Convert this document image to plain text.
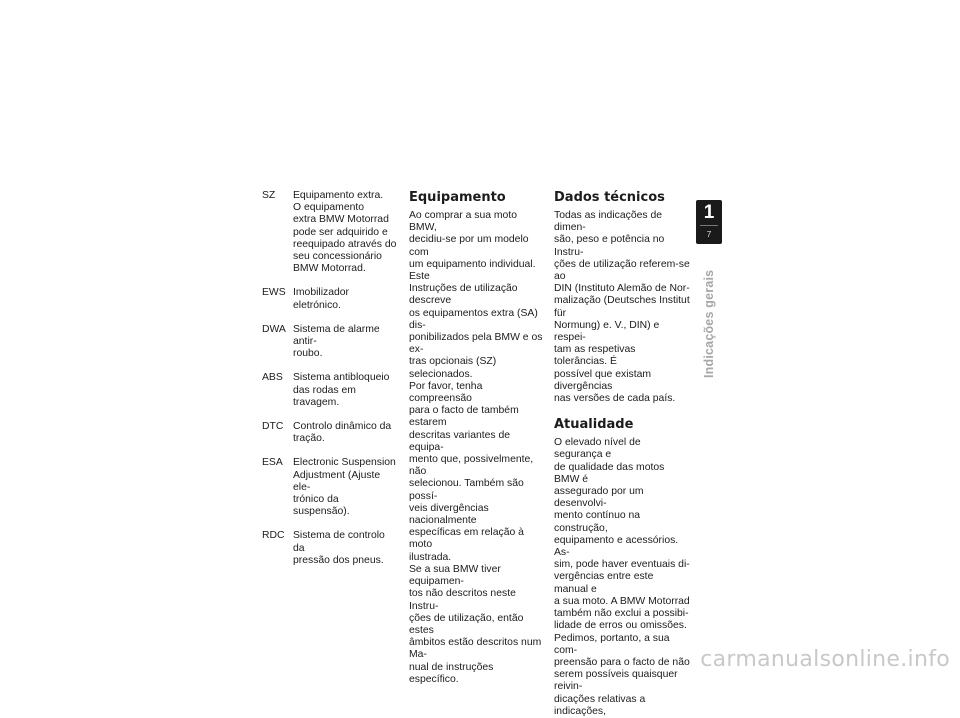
SZ	Equipamento extra.
O equipamento
extra BMW Motorrad
pode ser adquirido e
reequipado através do
seu concessionário
BMW Motorrad.
EWS Imobilizador eletrónico.
DWA Sistema de alarme antir-
roubo.
ABS Sistema antibloqueio
das rodas em travagem.
DTC Controlo dinâmico da
tração.
ESA Electronic Suspension
Adjustment (Ajuste ele-
trónico da suspensão).
RDC Sistema de controlo da
pressão dos pneus.
Equipamento

Ao comprar a sua moto BMW,
decidiu-se por um modelo com
um equipamento individual. Este
Instruções de utilização descreve
os equipamentos extra (SA) dis-
ponibilizados pela BMW e os ex-
tras opcionais (SZ) selecionados.
Por favor, tenha compreensão
para o facto de também estarem
descritas variantes de equipa-
mento que, possivelmente, não
selecionou. Também são possí-
veis divergências nacionalmente
específicas em relação à moto
ilustrada.
Se a sua BMW tiver equipamen-
tos não descritos neste Instru-
ções de utilização, então estes
âmbitos estão descritos num Ma-
nual de instruções específico.

Dados técnicos

Todas as indicações de dimen-
são, peso e potência no Instru-
ções de utilização referem-se ao
DIN (Instituto Alemão de Nor-
malização (Deutsches Institut für
Normung) e. V., DIN) e respei-
tam as respetivas tolerâncias. É
possível que existam divergências
nas versões de cada país.

Atualidade

O elevado nível de segurança e
de qualidade das motos BMW é
assegurado por um desenvolvi-
mento contínuo na construção,
equipamento e acessórios. As-
sim, pode haver eventuais di-
vergências entre este manual e
a sua moto. A BMW Motorrad
também não exclui a possibi-
lidade de erros ou omissões.
Pedimos, portanto, a sua com-
preensão para o facto de não
serem possíveis quaisquer reivin-
dicações relativas a indicações,

1
7
Indicações gerais
carmanualsonline.info
